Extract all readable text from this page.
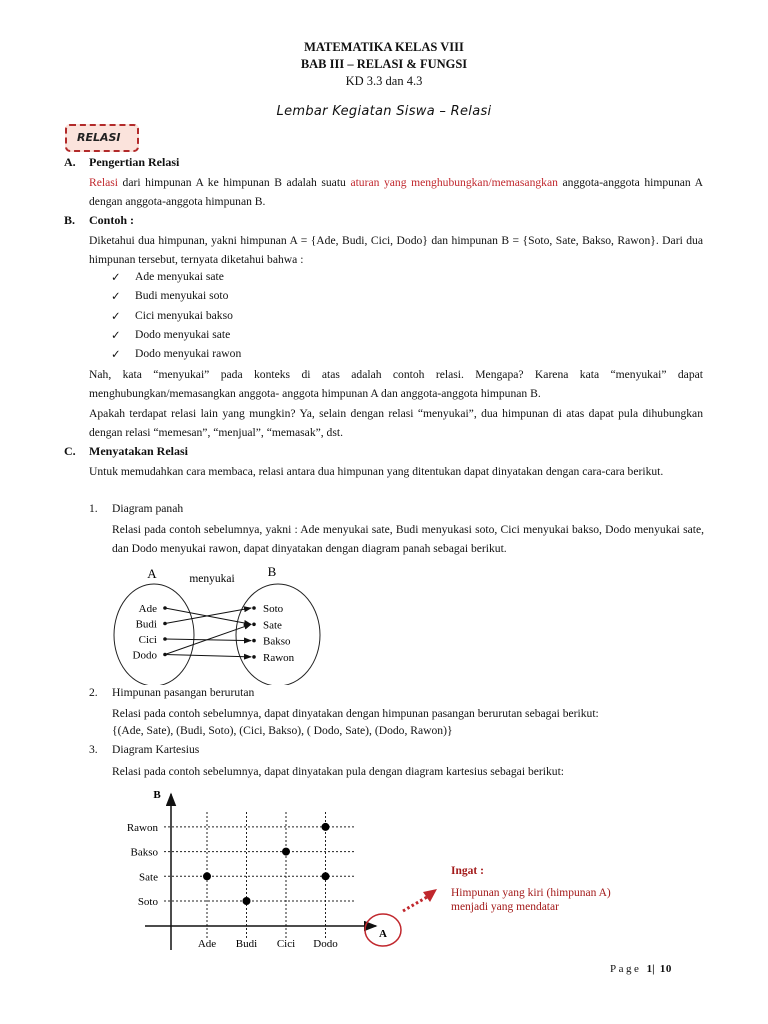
MATEMATIKA KELAS VIII
BAB III – RELASI & FUNGSI
KD 3.3 dan 4.3
Lembar Kegiatan Siswa – Relasi
RELASI
A. Pengertian Relasi
Relasi dari himpunan A ke himpunan B adalah suatu aturan yang menghubungkan/memasangkan anggota-anggota himpunan A dengan anggota-anggota himpunan B.
B. Contoh :
Diketahui dua himpunan, yakni himpunan A = {Ade, Budi, Cici, Dodo} dan himpunan B = {Soto, Sate, Bakso, Rawon}. Dari dua himpunan tersebut, ternyata diketahui bahwa :
✓ Ade menyukai sate
✓ Budi menyukai soto
✓ Cici menyukai bakso
✓ Dodo menyukai sate
✓ Dodo menyukai rawon
Nah, kata “menyukai” pada konteks di atas adalah contoh relasi. Mengapa? Karena kata “menyukai” dapat menghubungkan/memasangkan anggota- anggota himpunan A dan anggota-anggota himpunan B.
Apakah terdapat relasi lain yang mungkin? Ya, selain dengan relasi “menyukai”, dua himpunan di atas dapat pula dihubungkan dengan relasi “memesan”, “menjual”, “memasak”, dst.
C. Menyatakan Relasi
Untuk memudahkan cara membaca, relasi antara dua himpunan yang ditentukan dapat dinyatakan dengan cara-cara berikut.
1. Diagram panah
Relasi pada contoh sebelumnya, yakni : Ade menyukai sate, Budi menyukasi soto, Cici menyukai bakso, Dodo menyukai sate, dan Dodo menyukai rawon, dapat dinyatakan dengan diagram panah sebagai berikut.
A	B
menyukai
Ade
Budi
Cici
Dodo
Soto
Sate
Bakso
Rawon
2. Himpunan pasangan berurutan
Relasi pada contoh sebelumnya, dapat dinyatakan dengan himpunan pasangan berurutan sebagai berikut:
{(Ade, Sate), (Budi, Soto), (Cici, Bakso), ( Dodo, Sate), (Dodo, Rawon)}
3. Diagram Kartesius
Relasi pada contoh sebelumnya, dapat dinyatakan pula dengan diagram kartesius sebagai berikut:
B
A
Ade Budi Cici Dodo
Soto
Sate
Bakso
Rawon
Ingat :
Himpunan yang kiri (himpunan A)
menjadi yang mendatar
Page 1| 10
